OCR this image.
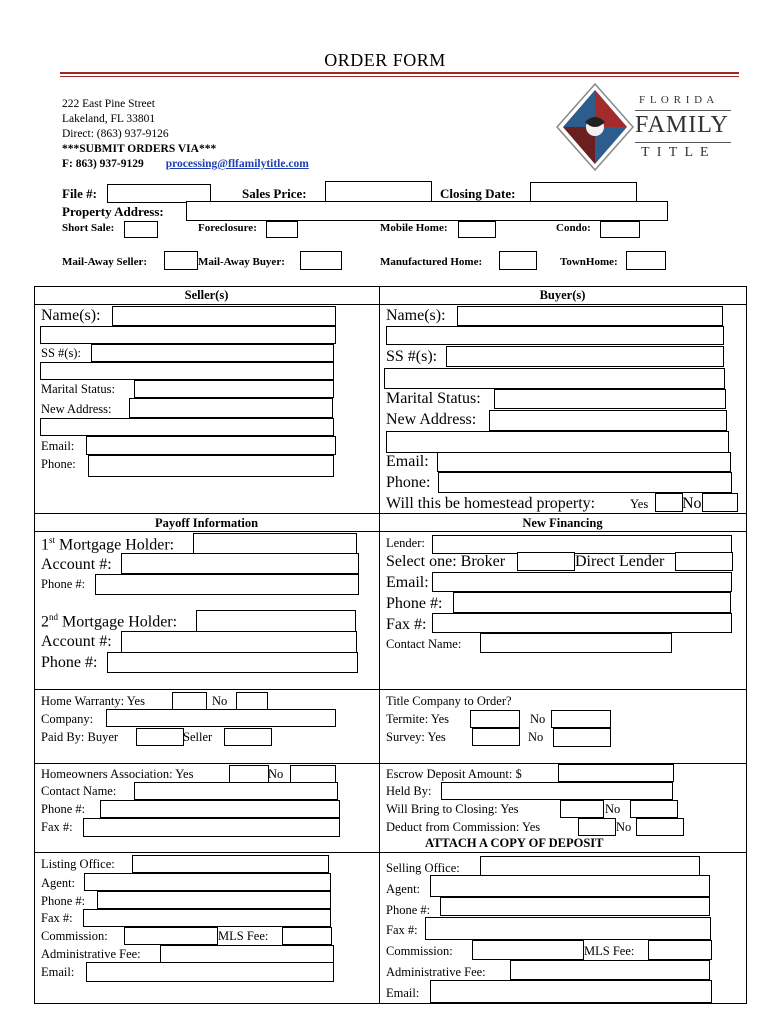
ORDER FORM
222 East Pine Street
Lakeland, FL 33801
Direct: (863) 937-9126
***SUBMIT ORDERS VIA***
F: 863) 937-9129 processing@flfamilytitle.com
F L O R I D A
FAMILY
T I T L E
File #:	Sales Price:	Closing Date:
Property Address:
Short Sale:	Foreclosure:	Mobile Home:	Condo:
Mail-Away Seller:	Mail-Away Buyer:	Manufactured Home:	TownHome:
Seller(s)
Name(s):
SS #(s):
Marital Status:
New Address:
Email:
Phone:
Buyer(s)
Name(s):
SS #(s):
Marital Status:
New Address:
Email:
Phone:
Will this be homestead property:	Yes No
Payoff Information
1st Mortgage Holder:
Account #:
Phone #:
2nd Mortgage Holder:
Account #:
Phone #:
New Financing
Lender:
Select one: Broker	Direct Lender
Email:
Phone #:
Fax #:
Contact Name:
Home Warranty: Yes	No
Company:
Paid By: Buyer	Seller
Title Company to Order?
Termite: Yes	No
Survey: Yes	No
Homeowners Association: Yes	No
Contact Name:
Phone #:
Fax #:
Escrow Deposit Amount: $
Held By:
Will Bring to Closing: Yes	No
Deduct from Commission: Yes	No
ATTACH A COPY OF DEPOSIT
Listing Office:
Agent:
Phone #:
Fax #:
Commission:	MLS Fee:
Administrative Fee:
Email:
Selling Office:
Agent:
Phone #:
Fax #:
Commission:	MLS Fee:
Administrative Fee:
Email:
